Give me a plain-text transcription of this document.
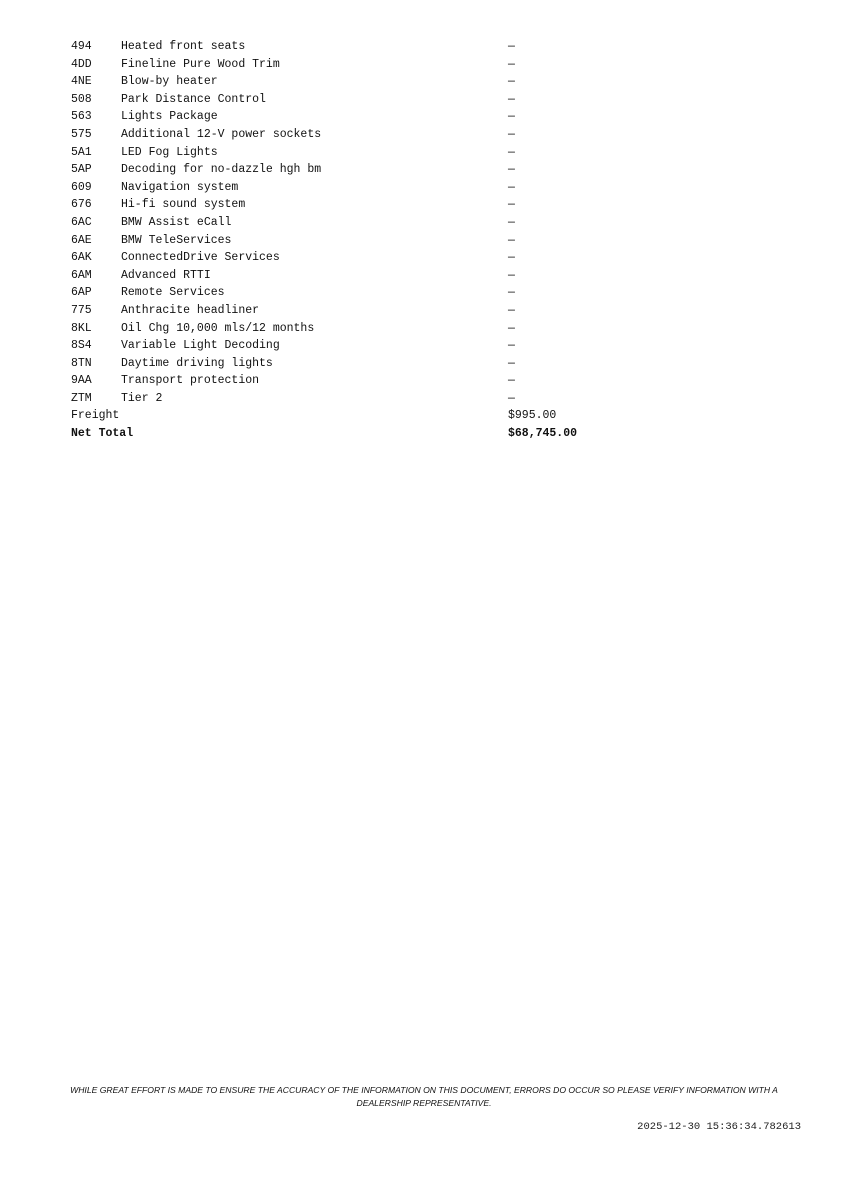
494	Heated front seats	—
4DD	Fineline Pure Wood Trim	—
4NE	Blow-by heater	—
508	Park Distance Control	—
563	Lights Package	—
575	Additional 12-V power sockets	—
5A1	LED Fog Lights	—
5AP	Decoding for no-dazzle hgh bm	—
609	Navigation system	—
676	Hi-fi sound system	—
6AC	BMW Assist eCall	—
6AE	BMW TeleServices	—
6AK	ConnectedDrive Services	—
6AM	Advanced RTTI	—
6AP	Remote Services	—
775	Anthracite headliner	—
8KL	Oil Chg 10,000 mls/12 months	—
8S4	Variable Light Decoding	—
8TN	Daytime driving lights	—
9AA	Transport protection	—
ZTM	Tier 2	—
Freight	$995.00
Net Total	$68,745.00
WHILE GREAT EFFORT IS MADE TO ENSURE THE ACCURACY OF THE INFORMATION ON THIS DOCUMENT, ERRORS DO OCCUR SO PLEASE VERIFY INFORMATION WITH A DEALERSHIP REPRESENTATIVE.
2025-12-30 15:36:34.782613
